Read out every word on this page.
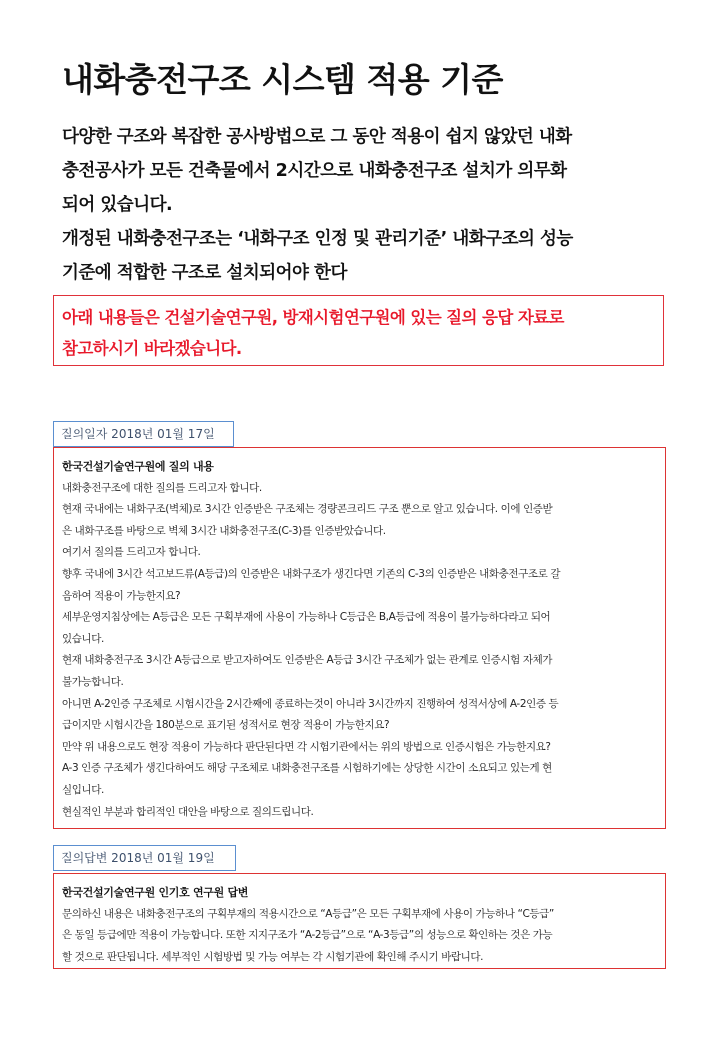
내화충전구조 시스템 적용 기준

다양한 구조와 복잡한 공사방법으로 그 동안 적용이 쉽지 않았던 내화

충전공사가 모든 건축물에서 2시간으로 내화충전구조 설치가 의무화

되어 있습니다.

개정된 내화충전구조는 ‘내화구조 인정 및 관리기준’ 내화구조의 성능

기준에 적합한 구조로 설치되어야 한다

아래 내용들은 건설기술연구원, 방재시험연구원에 있는 질의 응답 자료로

참고하시기 바라겠습니다.

질의일자 2018년 01월 17일

한국건설기술연구원에 질의 내용

내화충전구조에 대한 질의를 드리고자 합니다.

현재 국내에는 내화구조(벽체)로 3시간 인증받은 구조체는 경량콘크리드 구조 뿐으로 알고 있습니다. 이에 인증받

은 내화구조를 바탕으로 벽체 3시간 내화충전구조(C-3)를 인증받았습니다.

여기서 질의를 드리고자 합니다.

향후 국내에 3시간 석고보드류(A등급)의 인증받은 내화구조가 생긴다면 기존의 C-3의 인증받은 내화충전구조로 갈

음하여 적용이 가능한지요?

세부운영지침상에는 A등급은 모든 구획부재에 사용이 가능하나 C등급은 B,A등급에 적용이 불가능하다라고 되어

있습니다.

현재 내화충전구조 3시간 A등급으로 받고자하여도 인증받은 A등급 3시간 구조체가 없는 관계로 인증시험 자체가

불가능합니다.

아니면 A-2인증 구조체로 시험시간을 2시간째에 종료하는것이 아니라 3시간까지 진행하여 성적서상에 A-2인증 등

급이지만 시험시간을 180분으로 표기된 성적서로 현장 적용이 가능한지요?

만약 위 내용으로도 현장 적용이 가능하다 판단된다면 각 시험기관에서는 위의 방법으로 인증시험은 가능한지요?

A-3 인증 구조체가 생긴다하여도 해당 구조체로 내화충전구조를 시험하기에는 상당한 시간이 소요되고 있는게 현

실입니다.

현실적인 부분과 합리적인 대안을 바탕으로 질의드립니다.

질의답변 2018년 01월 19일

한국건설기술연구원 인기호 연구원 답변

문의하신 내용은 내화충전구조의 구획부재의 적용시간으로 “A등급”은 모든 구획부재에 사용이 가능하나 “C등급”

은 동일 등급에만 적용이 가능합니다. 또한 지지구조가 “A-2등급”으로 “A-3등급”의 성능으로 확인하는 것은 가능

할 것으로 판단됩니다. 세부적인 시험방법 및 가능 여부는 각 시험기관에 확인해 주시기 바랍니다.
